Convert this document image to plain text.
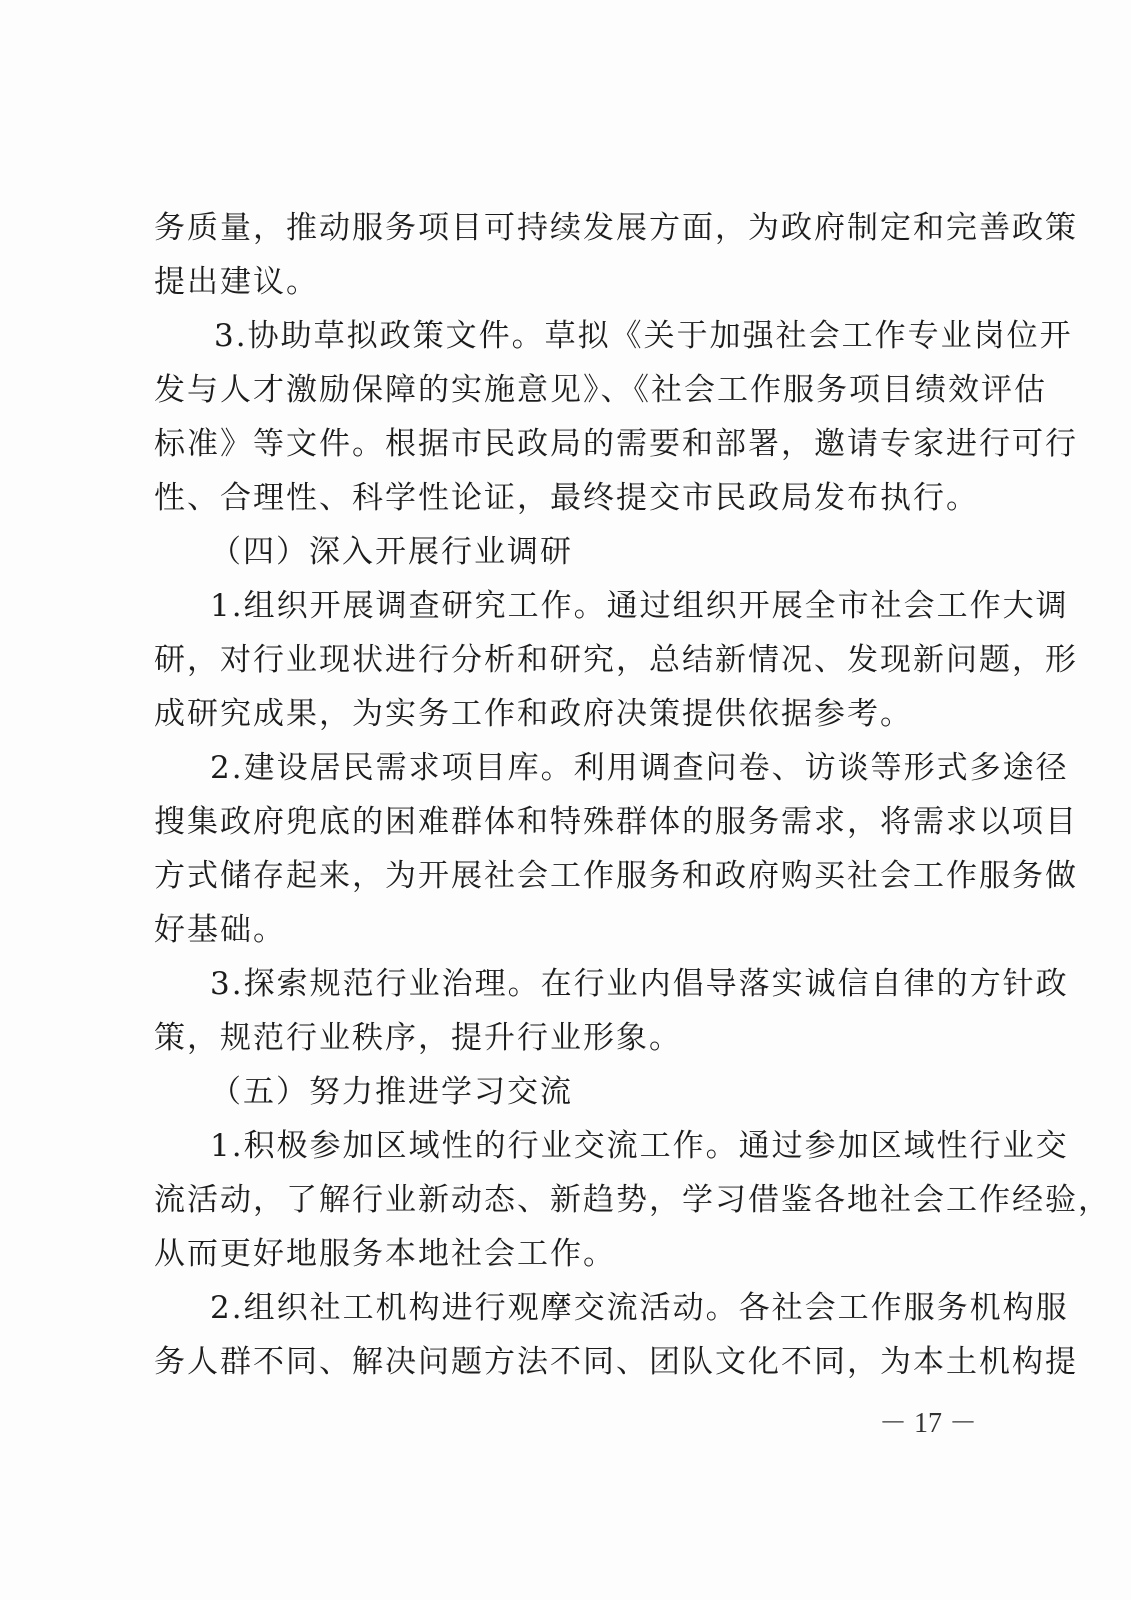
务质量，推动服务项目可持续发展方面，为政府制定和完善政策
提出建议。
3.协助草拟政策文件。草拟《关于加强社会工作专业岗位开
发与人才激励保障的实施意见》、《社会工作服务项目绩效评估
标准》等文件。根据市民政局的需要和部署，邀请专家进行可行
性、合理性、科学性论证，最终提交市民政局发布执行。
（四）深入开展行业调研
1.组织开展调查研究工作。通过组织开展全市社会工作大调
研，对行业现状进行分析和研究，总结新情况、发现新问题，形
成研究成果，为实务工作和政府决策提供依据参考。
2.建设居民需求项目库。利用调查问卷、访谈等形式多途径
搜集政府兜底的困难群体和特殊群体的服务需求，将需求以项目
方式储存起来，为开展社会工作服务和政府购买社会工作服务做
好基础。
3.探索规范行业治理。在行业内倡导落实诚信自律的方针政
策，规范行业秩序，提升行业形象。
（五）努力推进学习交流
1.积极参加区域性的行业交流工作。通过参加区域性行业交
流活动，了解行业新动态、新趋势，学习借鉴各地社会工作经验，
从而更好地服务本地社会工作。
2.组织社工机构进行观摩交流活动。各社会工作服务机构服
务人群不同、解决问题方法不同、团队文化不同，为本土机构提
－ 17 －
